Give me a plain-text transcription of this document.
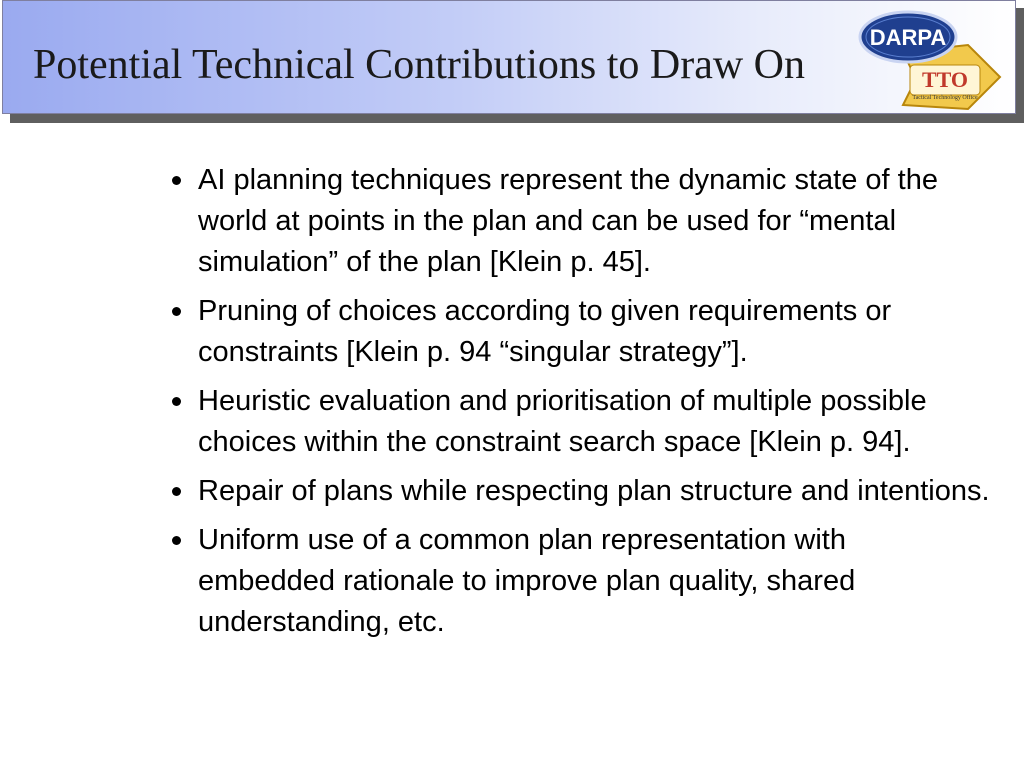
Potential Technical Contributions to Draw On
DARPA
TTO
Tactical Technology Office
AI planning techniques represent the dynamic state of the world at points in the plan and can be used for “mental simulation” of the plan [Klein p. 45].
Pruning of choices according to given requirements or constraints [Klein p. 94 “singular strategy”].
Heuristic evaluation and prioritisation of multiple possible choices within the constraint search space [Klein p. 94].
Repair of plans while respecting plan structure and intentions.
Uniform use of a common plan representation with embedded rationale to improve plan quality, shared understanding, etc.
